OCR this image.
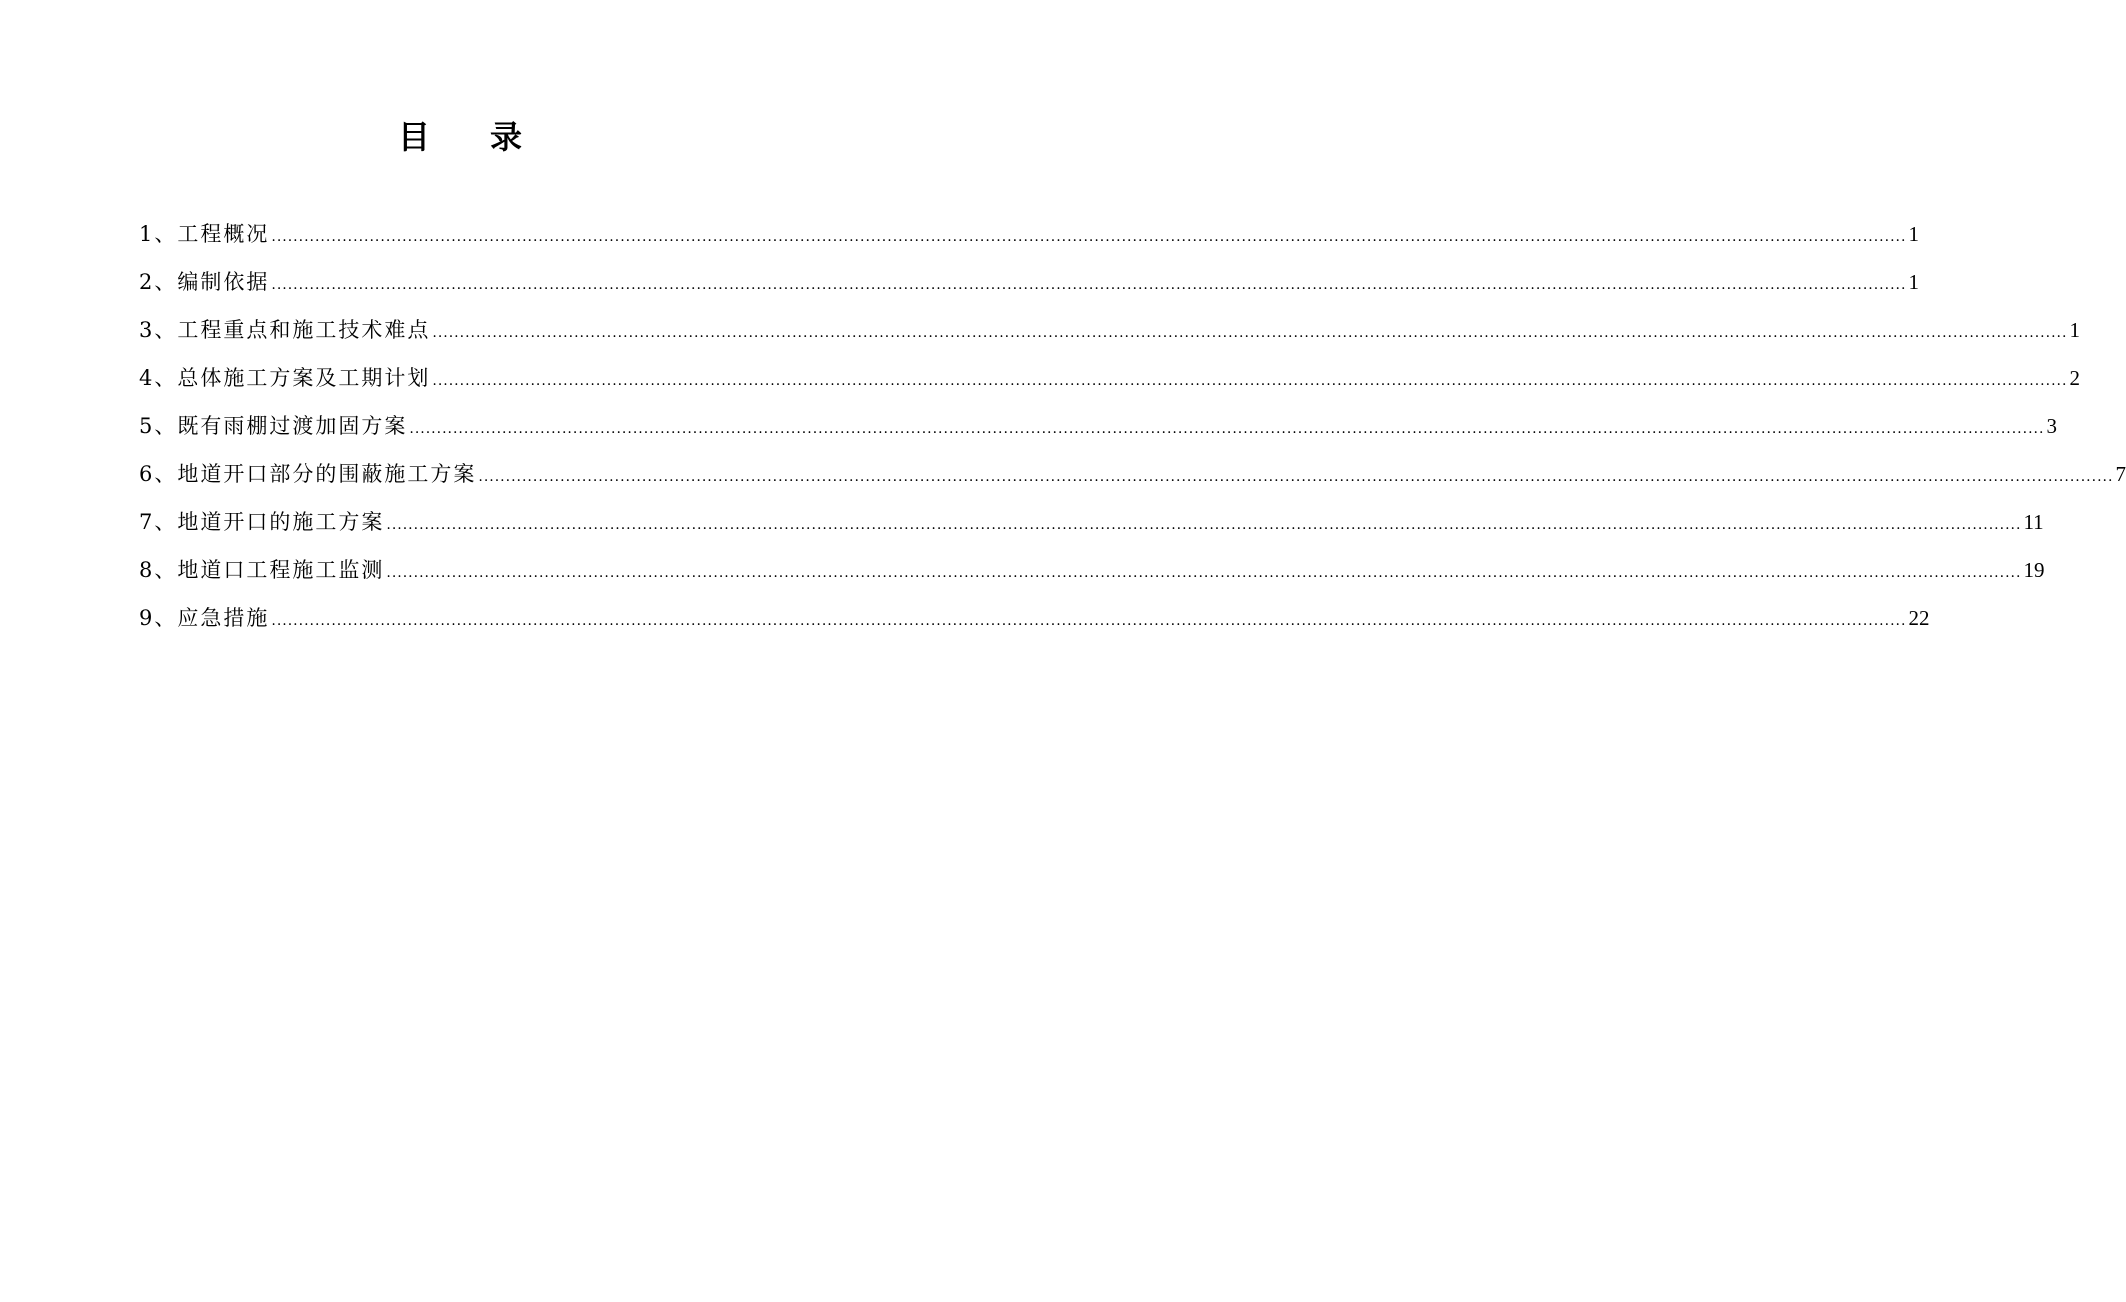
目 录
1、工程概况 ............................................................................................................................................................................................................................................................................................................ 1
2、编制依据 ............................................................................................................................................................................................................................................................................................................ 1
3、工程重点和施工技术难点 ............................................................................................................................................................................................................................................................................................................ 1
4、总体施工方案及工期计划 ............................................................................................................................................................................................................................................................................................................ 2
5、既有雨棚过渡加固方案 ............................................................................................................................................................................................................................................................................................................ 3
6、地道开口部分的围蔽施工方案 ............................................................................................................................................................................................................................................................................................................ 7
7、地道开口的施工方案 ............................................................................................................................................................................................................................................................................................................ 11
8、地道口工程施工监测 ............................................................................................................................................................................................................................................................................................................ 19
9、应急措施 ............................................................................................................................................................................................................................................................................................................ 22
